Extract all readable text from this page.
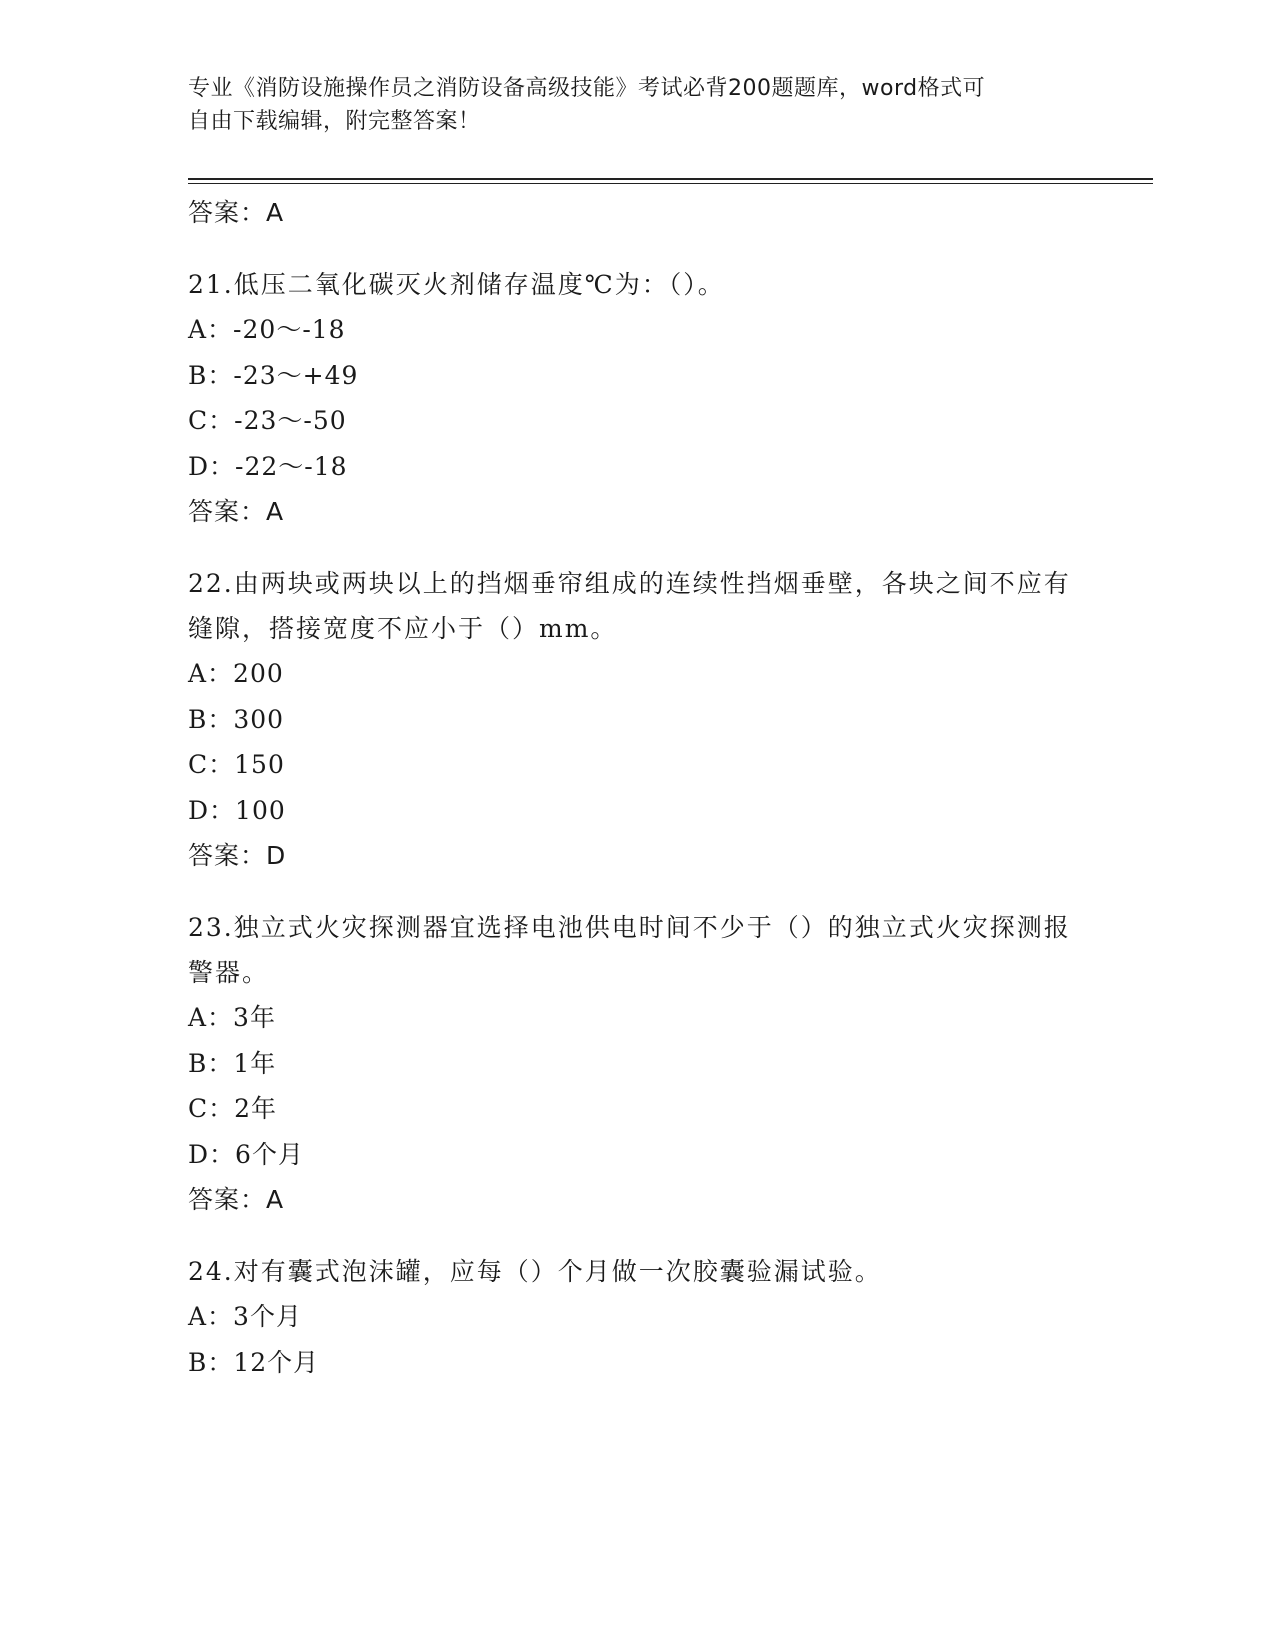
专业《消防设施操作员之消防设备高级技能》考试必背200题题库，word格式可
自由下载编辑，附完整答案！
答案：A
21.低压二氧化碳灭火剂储存温度℃为：（）。
A：-20～-18
B：-23～+49
C：-23～-50
D：-22～-18
答案：A
22.由两块或两块以上的挡烟垂帘组成的连续性挡烟垂壁，各块之间不应有缝隙，搭接宽度不应小于（）mm。
A：200
B：300
C：150
D：100
答案：D
23.独立式火灾探测器宜选择电池供电时间不少于（）的独立式火灾探测报警器。
A：3年
B：1年
C：2年
D：6个月
答案：A
24.对有囊式泡沫罐，应每（）个月做一次胶囊验漏试验。
A：3个月
B：12个月
